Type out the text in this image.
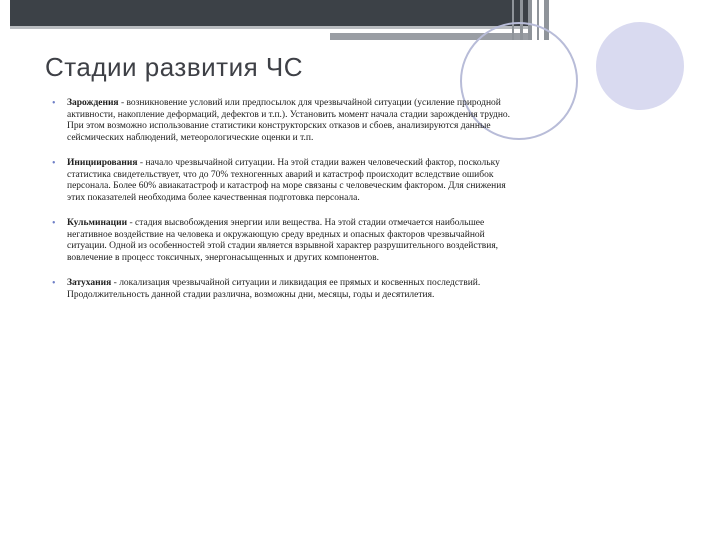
Стадии развития ЧС
• Зарождения - возникновение условий или предпосылок для чрезвычайной ситуации (усиление природной активности, накопление деформаций, дефектов и т.п.). Установить момент начала стадии зарождения трудно. При этом возможно использование статистики конструкторских отказов и сбоев, анализируются данные сейсмических наблюдений, метеорологические оценки и т.п.
• Инициирования - начало чрезвычайной ситуации. На этой стадии важен человеческий фактор, поскольку статистика свидетельствует, что до 70% техногенных аварий и катастроф происходит вследствие ошибок персонала. Более 60% авиакатастроф и катастроф на море связаны с человеческим фактором. Для снижения этих показателей необходима более качественная подготовка персонала.
• Кульминации - стадия высвобождения энергии или вещества. На этой стадии отмечается наибольшее негативное воздействие на человека и окружающую среду вредных и опасных факторов чрезвычайной ситуации. Одной из особенностей этой стадии является взрывной характер разрушительного воздействия, вовлечение в процесс токсичных, энергонасыщенных и других компонентов.
• Затухания - локализация чрезвычайной ситуации и ликвидация ее прямых и косвенных последствий. Продолжительность данной стадии различна, возможны дни, месяцы, годы и десятилетия.
